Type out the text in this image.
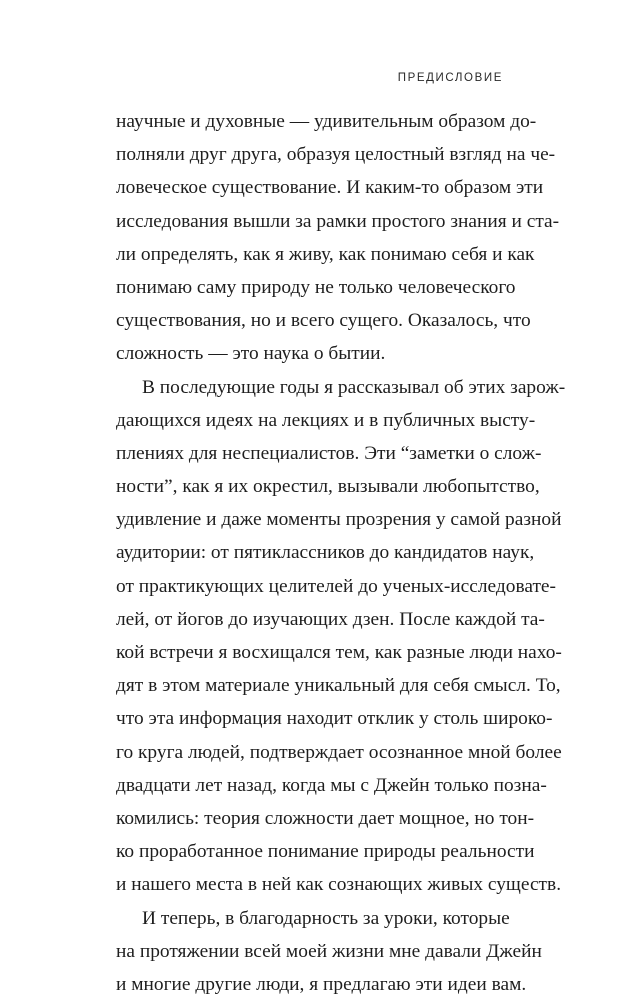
ПРЕДИСЛОВИЕ
научные и духовные — удивительным образом до-
полняли друг друга, образуя целостный взгляд на че-
ловеческое существование. И каким-то образом эти
исследования вышли за рамки простого знания и ста-
ли определять, как я живу, как понимаю себя и как
понимаю саму природу не только человеческого
существования, но и всего сущего. Оказалось, что
сложность — это наука о бытии.
В последующие годы я рассказывал об этих зарож-
дающихся идеях на лекциях и в публичных высту-
плениях для неспециалистов. Эти “заметки о слож-
ности”, как я их окрестил, вызывали любопытство,
удивление и даже моменты прозрения у самой разной
аудитории: от пятиклассников до кандидатов наук,
от практикующих целителей до ученых-исследовате-
лей, от йогов до изучающих дзен. После каждой та-
кой встречи я восхищался тем, как разные люди нахо-
дят в этом материале уникальный для себя смысл. То,
что эта информация находит отклик у столь широко-
го круга людей, подтверждает осознанное мной более
двадцати лет назад, когда мы с Джейн только позна-
комились: теория сложности дает мощное, но тон-
ко проработанное понимание природы реальности
и нашего места в ней как сознающих живых существ.
И теперь, в благодарность за уроки, которые
на протяжении всей моей жизни мне давали Джейн
и многие другие люди, я предлагаю эти идеи вам.
